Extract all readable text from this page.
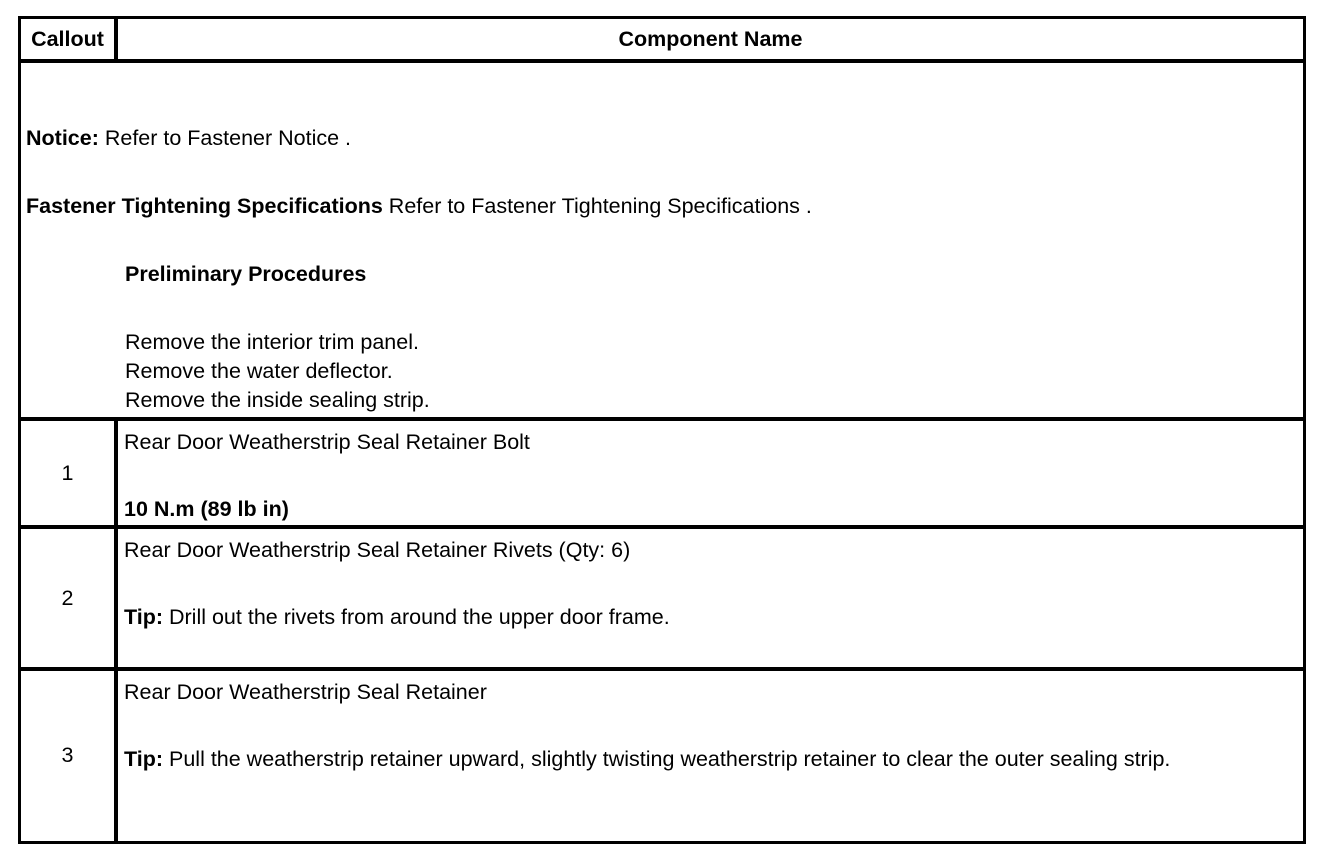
Callout	Component Name
Notice: Refer to Fastener Notice .
Fastener Tightening Specifications Refer to Fastener Tightening Specifications .
Preliminary Procedures
Remove the interior trim panel.
Remove the water deflector.
Remove the inside sealing strip.
1
Rear Door Weatherstrip Seal Retainer Bolt
10 N.m (89 lb in)
2
Rear Door Weatherstrip Seal Retainer Rivets (Qty: 6)
Tip: Drill out the rivets from around the upper door frame.
3
Rear Door Weatherstrip Seal Retainer
Tip: Pull the weatherstrip retainer upward, slightly twisting weatherstrip retainer to clear the outer sealing strip.
